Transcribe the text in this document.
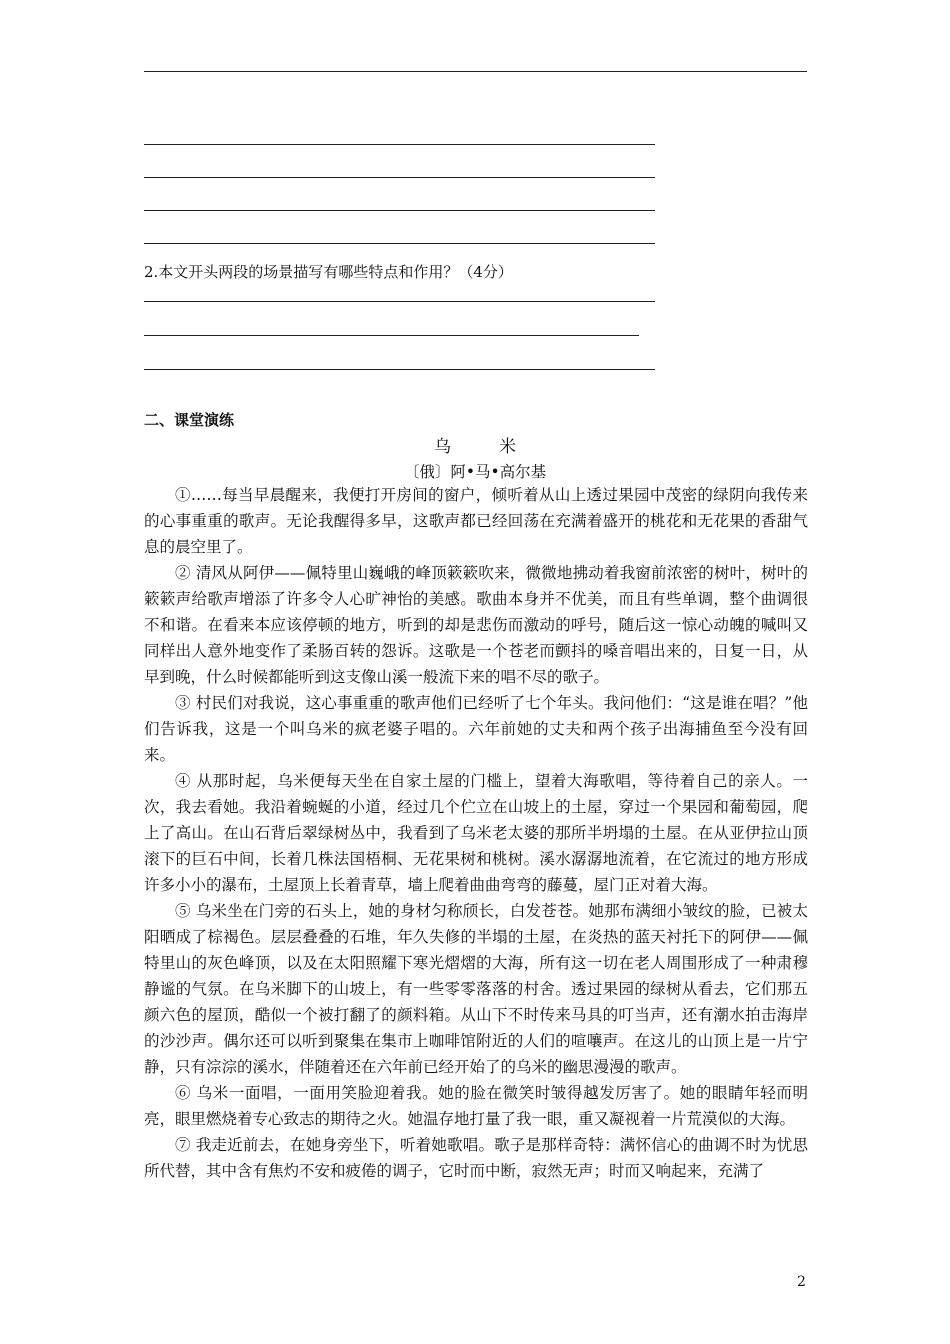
2.本文开头两段的场景描写有哪些特点和作用？（4分）
二、课堂演练
乌	米
〔俄〕阿•马•高尔基

①……每当早晨醒来，我便打开房间的窗户，倾听着从山上透过果园中茂密的绿阴向我传来的心事重重的歌声。无论我醒得多早，这歌声都已经回荡在充满着盛开的桃花和无花果的香甜气息的晨空里了。

② 清风从阿伊——佩特里山巍峨的峰顶簌簌吹来，微微地拂动着我窗前浓密的树叶，树叶的簌簌声给歌声增添了许多令人心旷神怡的美感。歌曲本身并不优美，而且有些单调，整个曲调很不和谐。在看来本应该停顿的地方，听到的却是悲伤而激动的呼号，随后这一惊心动魄的喊叫又同样出人意外地变作了柔肠百转的怨诉。这歌是一个苍老而颤抖的嗓音唱出来的，日复一日，从早到晚，什么时候都能听到这支像山溪一般流下来的唱不尽的歌子。

③ 村民们对我说，这心事重重的歌声他们已经听了七个年头。我问他们：“这是谁在唱？”他们告诉我，这是一个叫乌米的疯老婆子唱的。六年前她的丈夫和两个孩子出海捕鱼至今没有回来。

④ 从那时起，乌米便每天坐在自家土屋的门槛上，望着大海歌唱，等待着自己的亲人。一次，我去看她。我沿着蜿蜒的小道，经过几个伫立在山坡上的土屋，穿过一个果园和葡萄园，爬上了高山。在山石背后翠绿树丛中，我看到了乌米老太婆的那所半坍塌的土屋。在从亚伊拉山顶滚下的巨石中间，长着几株法国梧桐、无花果树和桃树。溪水潺潺地流着，在它流过的地方形成许多小小的瀑布，土屋顶上长着青草，墙上爬着曲曲弯弯的藤蔓，屋门正对着大海。

⑤ 乌米坐在门旁的石头上，她的身材匀称颀长，白发苍苍。她那布满细小皱纹的脸，已被太阳晒成了棕褐色。层层叠叠的石堆，年久失修的半塌的土屋，在炎热的蓝天衬托下的阿伊——佩特里山的灰色峰顶，以及在太阳照耀下寒光熠熠的大海，所有这一切在老人周围形成了一种肃穆静谧的气氛。在乌米脚下的山坡上，有一些零零落落的村舍。透过果园的绿树从看去，它们那五颜六色的屋顶，酷似一个被打翻了的颜料箱。从山下不时传来马具的叮当声，还有潮水拍击海岸的沙沙声。偶尔还可以听到聚集在集市上咖啡馆附近的人们的喧嚷声。在这儿的山顶上是一片宁静，只有淙淙的溪水，伴随着还在六年前已经开始了的乌米的幽思漫漫的歌声。

⑥ 乌米一面唱，一面用笑脸迎着我。她的脸在微笑时皱得越发厉害了。她的眼睛年轻而明亮，眼里燃烧着专心致志的期待之火。她温存地打量了我一眼，重又凝视着一片荒漠似的大海。

⑦ 我走近前去，在她身旁坐下，听着她歌唱。歌子是那样奇特：满怀信心的曲调不时为忧思所代替，其中含有焦灼不安和疲倦的调子，它时而中断，寂然无声；时而又响起来，充满了

2
